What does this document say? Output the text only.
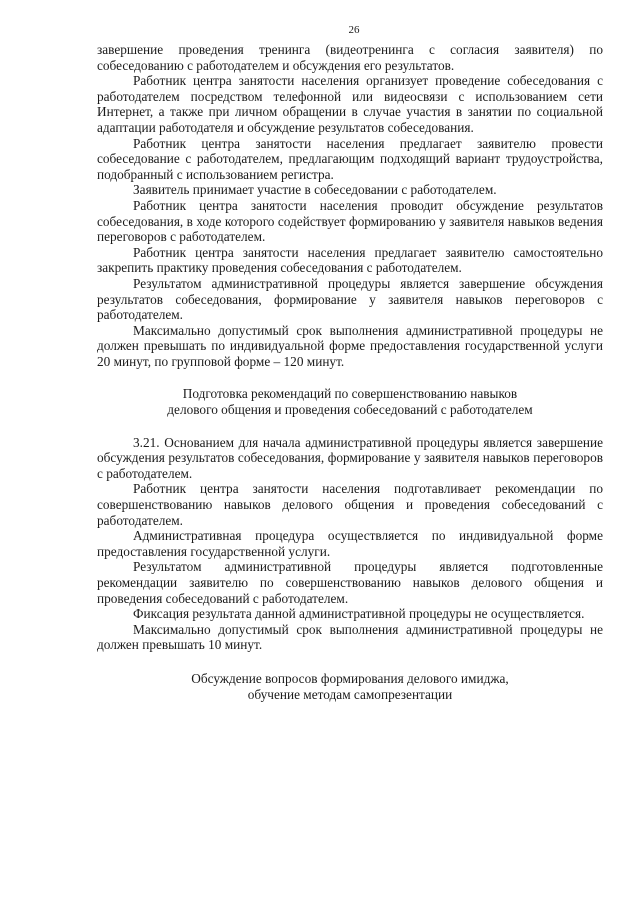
26

завершение проведения тренинга (видеотренинга с согласия заявителя) по собеседованию с работодателем и обсуждения его результатов.

Работник центра занятости населения организует проведение собеседования с работодателем посредством телефонной или видеосвязи с использованием сети Интернет, а также при личном обращении в случае участия в занятии по социальной адаптации работодателя и обсуждение результатов собеседования.

Работник центра занятости населения предлагает заявителю провести собеседование с работодателем, предлагающим подходящий вариант трудоустройства, подобранный с использованием регистра.

Заявитель принимает участие в собеседовании с работодателем.

Работник центра занятости населения проводит обсуждение результатов собеседования, в ходе которого содействует формированию у заявителя навыков ведения переговоров с работодателем.

Работник центра занятости населения предлагает заявителю самостоятельно закрепить практику проведения собеседования с работодателем.

Результатом административной процедуры является завершение обсуждения результатов собеседования, формирование у заявителя навыков переговоров с работодателем.

Максимально допустимый срок выполнения административной процедуры не должен превышать по индивидуальной форме предоставления государственной услуги 20 минут, по групповой форме – 120 минут.

Подготовка рекомендаций по совершенствованию навыков
делового общения и проведения собеседований с работодателем

3.21. Основанием для начала административной процедуры является завершение обсуждения результатов собеседования, формирование у заявителя навыков переговоров с работодателем.

Работник центра занятости населения подготавливает рекомендации по совершенствованию навыков делового общения и проведения собеседований с работодателем.

Административная процедура осуществляется по индивидуальной форме предоставления государственной услуги.

Результатом административной процедуры является подготовленные рекомендации заявителю по совершенствованию навыков делового общения и проведения собеседований с работодателем.

Фиксация результата данной административной процедуры не осуществляется.

Максимально допустимый срок выполнения административной процедуры не должен превышать 10 минут.

Обсуждение вопросов формирования делового имиджа,
обучение методам самопрезентации
